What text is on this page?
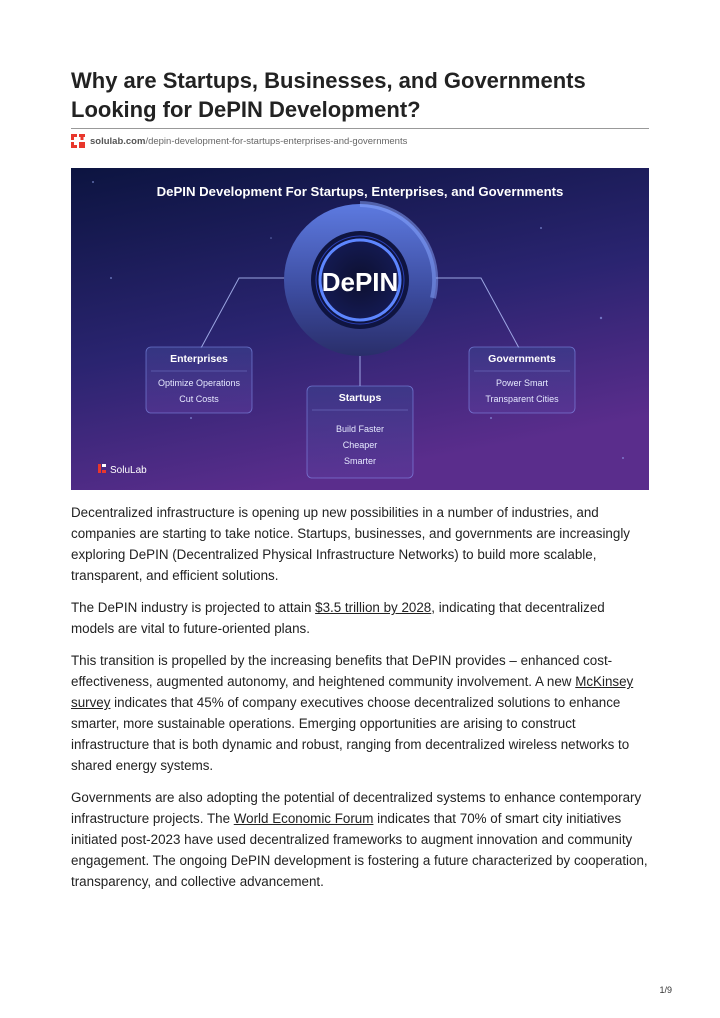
Why are Startups, Businesses, and Governments
Looking for DePIN Development?
solulab.com /depin-development-for-startups-enterprises-and-governments
DePIN Development For Startups, Enterprises, and Governments
DePIN
Enterprises
Optimize Operations
Cut Costs
Governments
Power Smart
Transparent Cities
Startups
Build Faster
Cheaper
Smarter
SoluLab

Decentralized infrastructure is opening up new possibilities in a number of industries, and companies are starting to take notice. Startups, businesses, and governments are increasingly exploring DePIN (Decentralized Physical Infrastructure Networks) to build more scalable, transparent, and efficient solutions.

The DePIN industry is projected to attain $3.5 trillion by 2028, indicating that decentralized models are vital to future-oriented plans.

This transition is propelled by the increasing benefits that DePIN provides – enhanced cost-effectiveness, augmented autonomy, and heightened community involvement. A new McKinsey survey indicates that 45% of company executives choose decentralized solutions to enhance smarter, more sustainable operations. Emerging opportunities are arising to construct infrastructure that is both dynamic and robust, ranging from decentralized wireless networks to shared energy systems.

Governments are also adopting the potential of decentralized systems to enhance contemporary infrastructure projects. The World Economic Forum indicates that 70% of smart city initiatives initiated post-2023 have used decentralized frameworks to augment innovation and community engagement. The ongoing DePIN development is fostering a future characterized by cooperation, transparency, and collective advancement.

1/9
